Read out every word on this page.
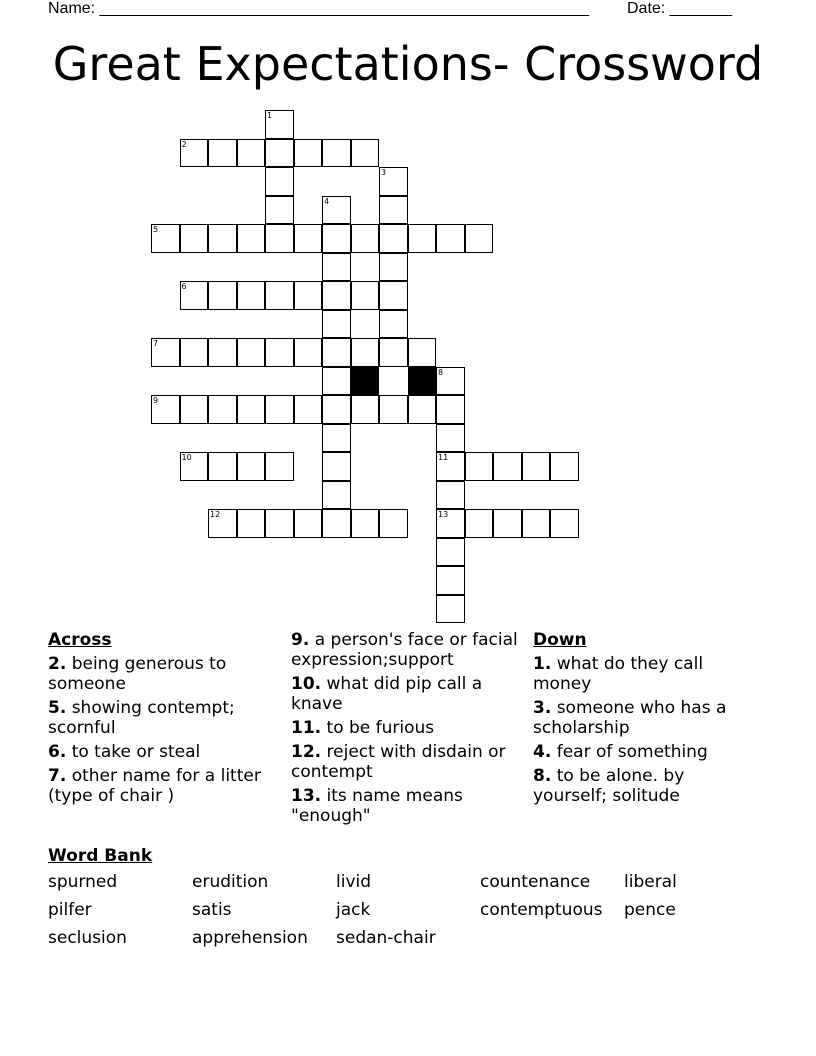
Name: _______________________________________________________ Date: _______
Great Expectations- Crossword
1
2
3
4
5
6
7
8
11
13
9
10
12
Across
2. being generous to someone
5. showing contempt; scornful
6. to take or steal
7. other name for a litter (type of chair )
9. a person's face or facial expression;support
10. what did pip call a knave
11. to be furious
12. reject with disdain or contempt
13. its name means "enough"
Down
1. what do they call money
3. someone who has a scholarship
4. fear of something
8. to be alone. by yourself; solitude
Word Bank
spurned	erudition	livid	countenance	liberal
pilfer	satis	jack	contemptuous	pence
seclusion	apprehension	sedan-chair
